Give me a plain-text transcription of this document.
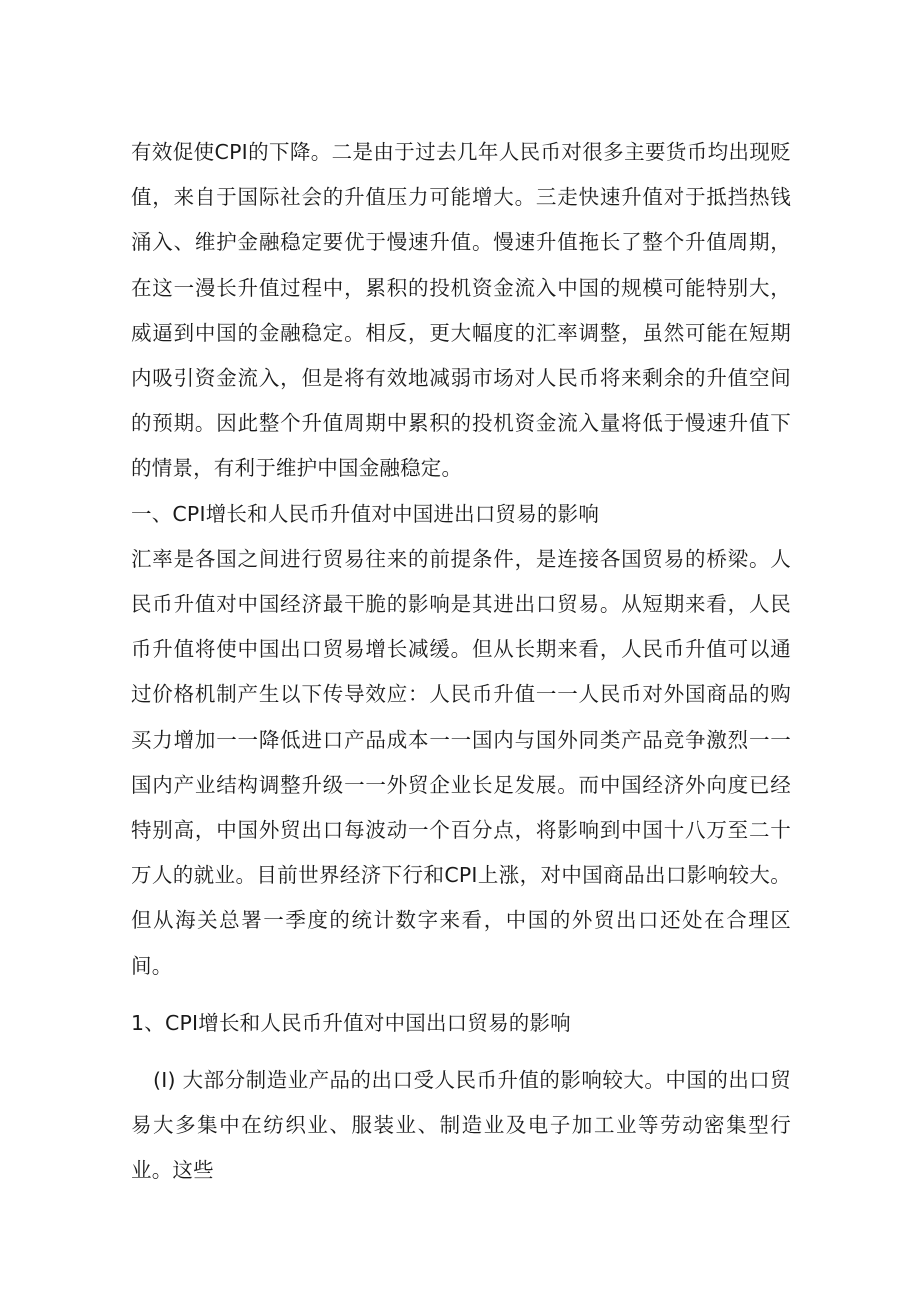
有效促使CPI的下降。二是由于过去几年人民币对很多主要货币均出现贬值，来自于国际社会的升值压力可能增大。三走快速升值对于抵挡热钱涌入、维护金融稳定要优于慢速升值。慢速升值拖长了整个升值周期，在这一漫长升值过程中，累积的投机资金流入中国的规模可能特别大，威逼到中国的金融稳定。相反，更大幅度的汇率调整，虽然可能在短期内吸引资金流入，但是将有效地减弱市场对人民币将来剩余的升值空间的预期。因此整个升值周期中累积的投机资金流入量将低于慢速升值下的情景，有利于维护中国金融稳定。

一、CPI增长和人民币升值对中国进出口贸易的影响

汇率是各国之间进行贸易往来的前提条件，是连接各国贸易的桥梁。人民币升值对中国经济最干脆的影响是其进出口贸易。从短期来看，人民币升值将使中国出口贸易增长减缓。但从长期来看，人民币升值可以通过价格机制产生以下传导效应：人民币升值一一人民币对外国商品的购买力增加一一降低进口产品成本一一国内与国外同类产品竞争激烈一一国内产业结构调整升级一一外贸企业长足发展。而中国经济外向度已经特别高，中国外贸出口每波动一个百分点，将影响到中国十八万至二十万人的就业。目前世界经济下行和CPI上涨，对中国商品出口影响较大。但从海关总署一季度的统计数字来看，中国的外贸出口还处在合理区间。

1、CPI增长和人民币升值对中国出口贸易的影响

(I) 大部分制造业产品的出口受人民币升值的影响较大。中国的出口贸易大多集中在纺织业、服装业、制造业及电子加工业等劳动密集型行业。这些
